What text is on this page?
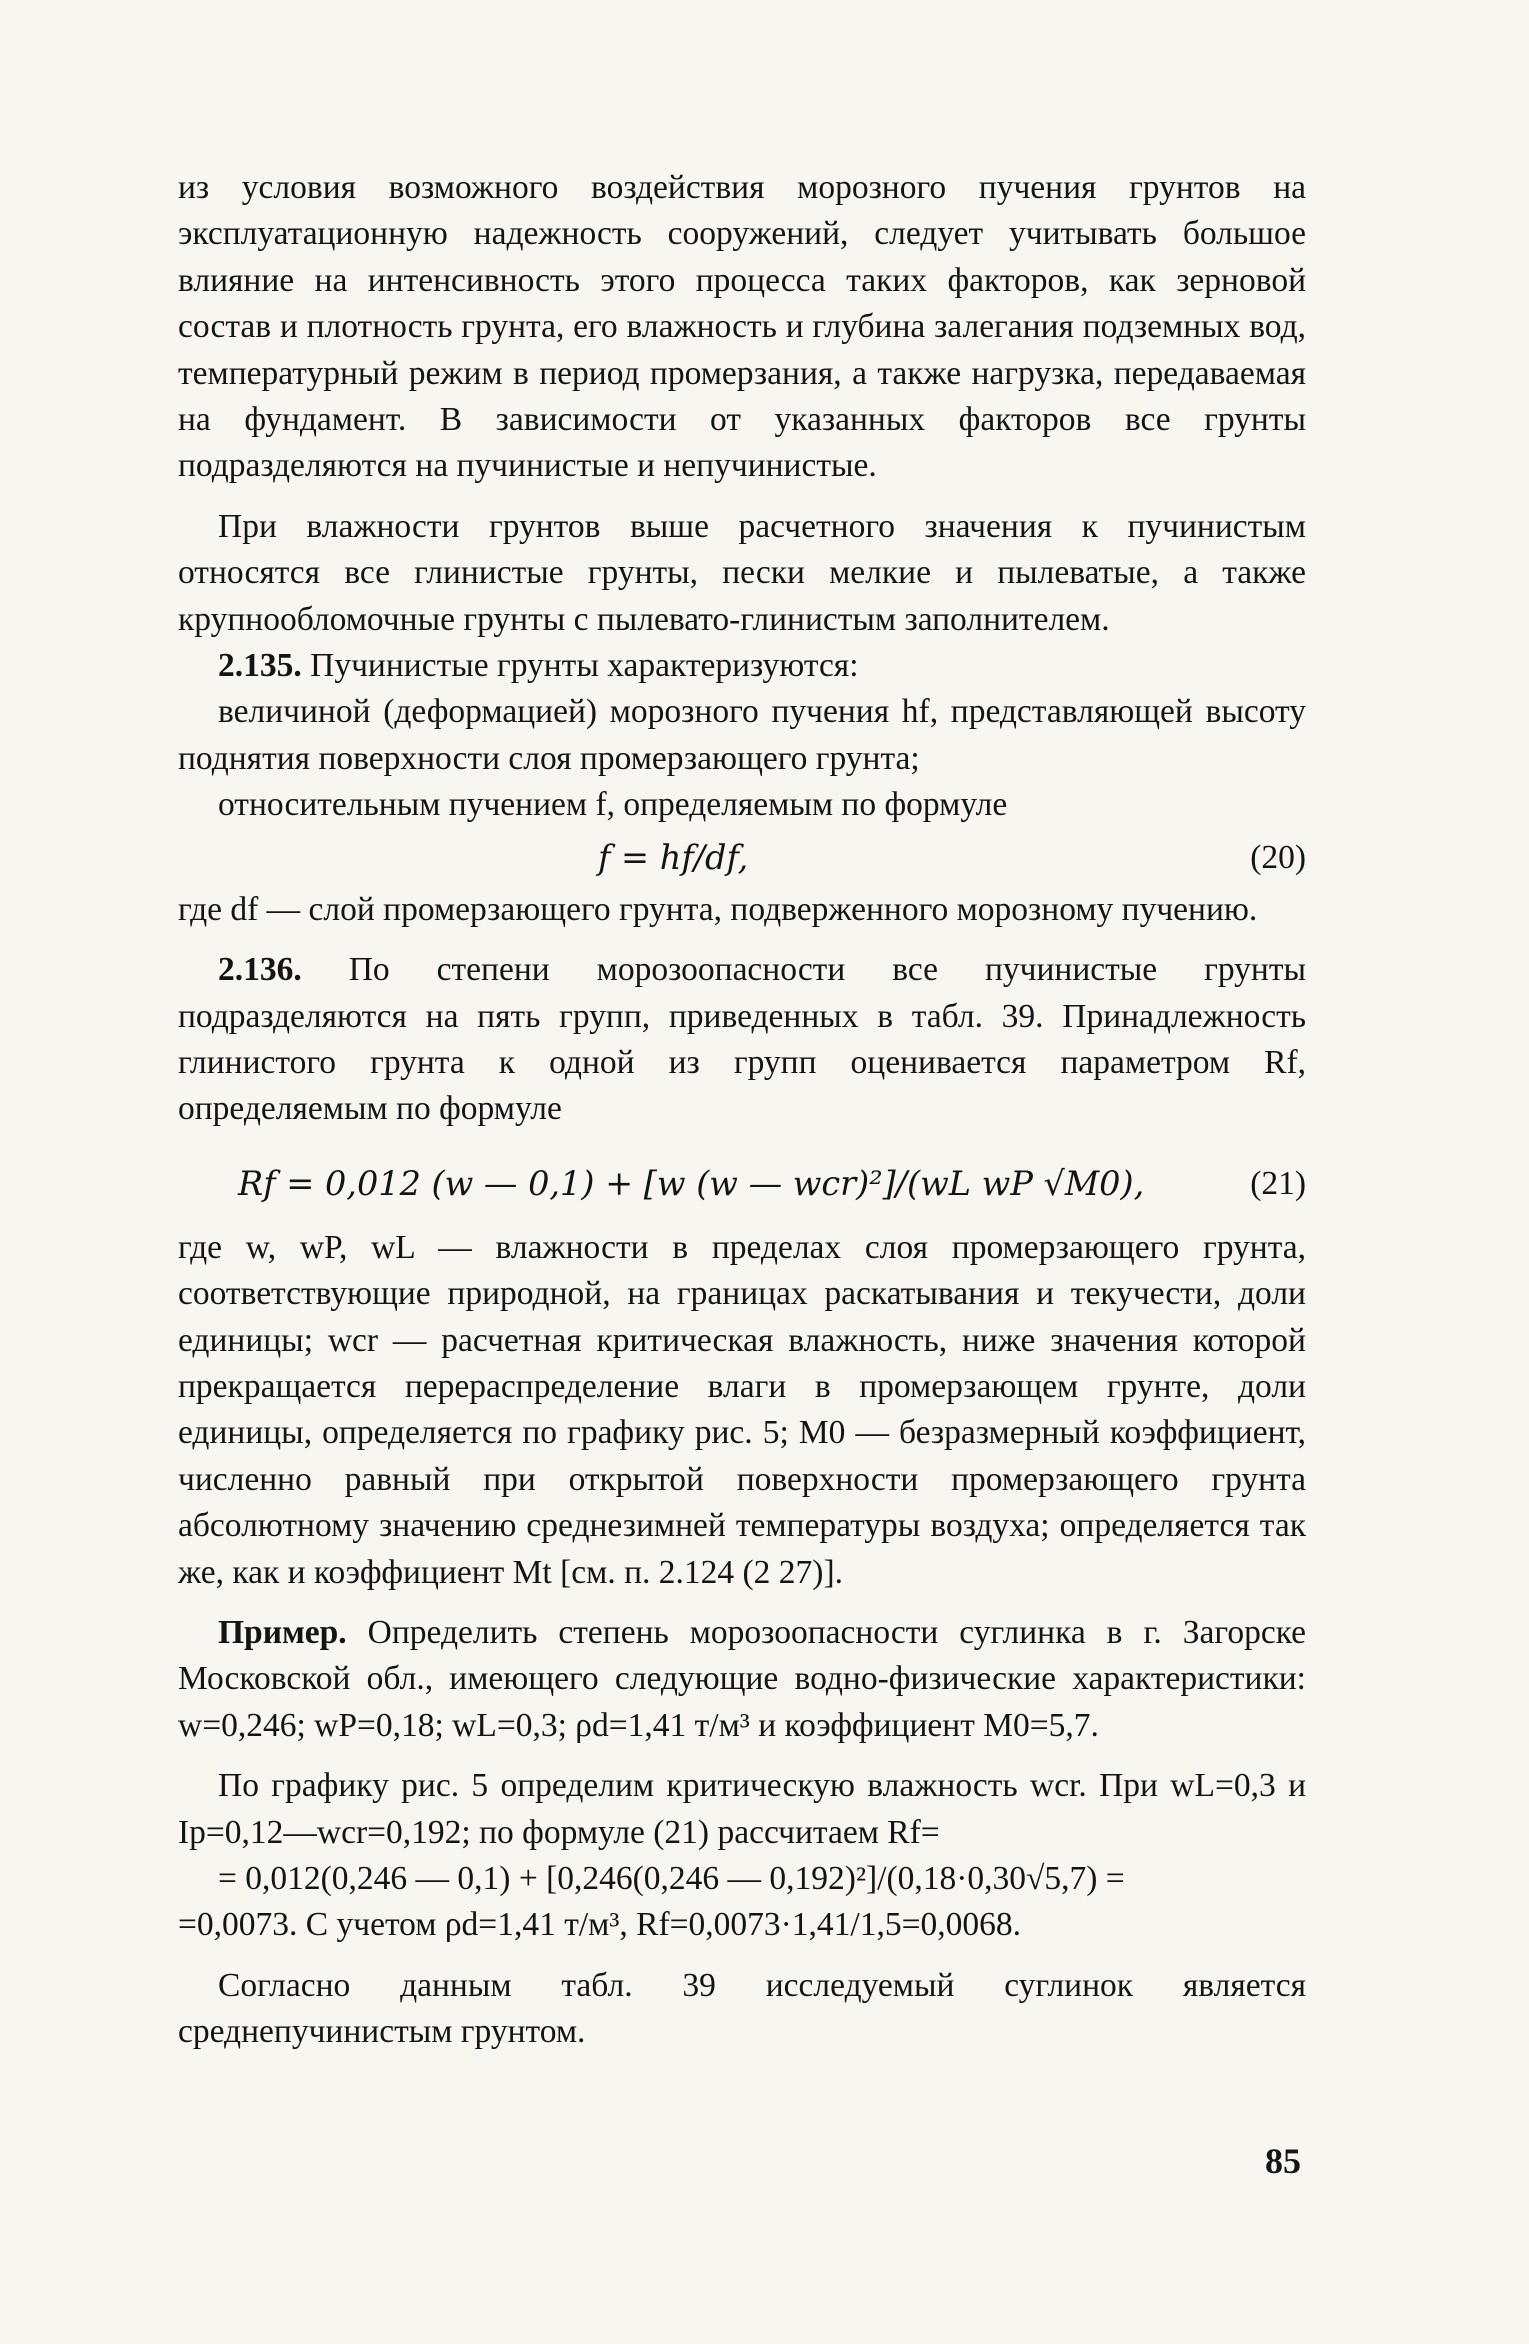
из условия возможного воздействия морозного пучения грунтов на эксплуатационную надежность сооружений, следует учитывать большое влияние на интенсивность этого процесса таких факторов, как зерновой состав и плотность грунта, его влажность и глубина залегания подземных вод, температурный режим в период промерзания, а также нагрузка, передаваемая на фундамент. В зависимости от указанных факторов все грунты подразделяются на пучинистые и непучинистые.

При влажности грунтов выше расчетного значения к пучинистым относятся все глинистые грунты, пески мелкие и пылеватые, а также крупнообломочные грунты с пылевато-глинистым заполнителем.

2.135. Пучинистые грунты характеризуются:

величиной (деформацией) морозного пучения hf, представляющей высоту поднятия поверхности слоя промерзающего грунта;

относительным пучением f, определяемым по формуле

f = hf/df,	(20)

где df — слой промерзающего грунта, подверженного морозному пучению.

2.136. По степени морозоопасности все пучинистые грунты подразделяются на пять групп, приведенных в табл. 39. Принадлежность глинистого грунта к одной из групп оценивается параметром Rf, определяемым по формуле

Rf = 0,012 (w — 0,1) + [w (w — wcr)²]/(wL wP √M0),	(21)

где w, wP, wL — влажности в пределах слоя промерзающего грунта, соответствующие природной, на границах раскатывания и текучести, доли единицы; wcr — расчетная критическая влажность, ниже значения которой прекращается перераспределение влаги в промерзающем грунте, доли единицы, определяется по графику рис. 5; M0 — безразмерный коэффициент, численно равный при открытой поверхности промерзающего грунта абсолютному значению среднезимней температуры воздуха; определяется так же, как и коэффициент Mt [см. п. 2.124 (2 27)].

Пример. Определить степень морозоопасности суглинка в г. Загорске Московской обл., имеющего следующие водно-физические характеристики: w=0,246; wP=0,18; wL=0,3; ρd=1,41 т/м³ и коэффициент M0=5,7.

По графику рис. 5 определим критическую влажность wcr. При wL=0,3 и Ip=0,12—wcr=0,192; по формуле (21) рассчитаем Rf=

= 0,012(0,246 — 0,1) + [0,246(0,246 — 0,192)²]/(0,18·0,30√5,7) =

=0,0073. С учетом ρd=1,41 т/м³, Rf=0,0073·1,41/1,5=0,0068.

Согласно данным табл. 39 исследуемый суглинок является среднепучинистым грунтом.

85
